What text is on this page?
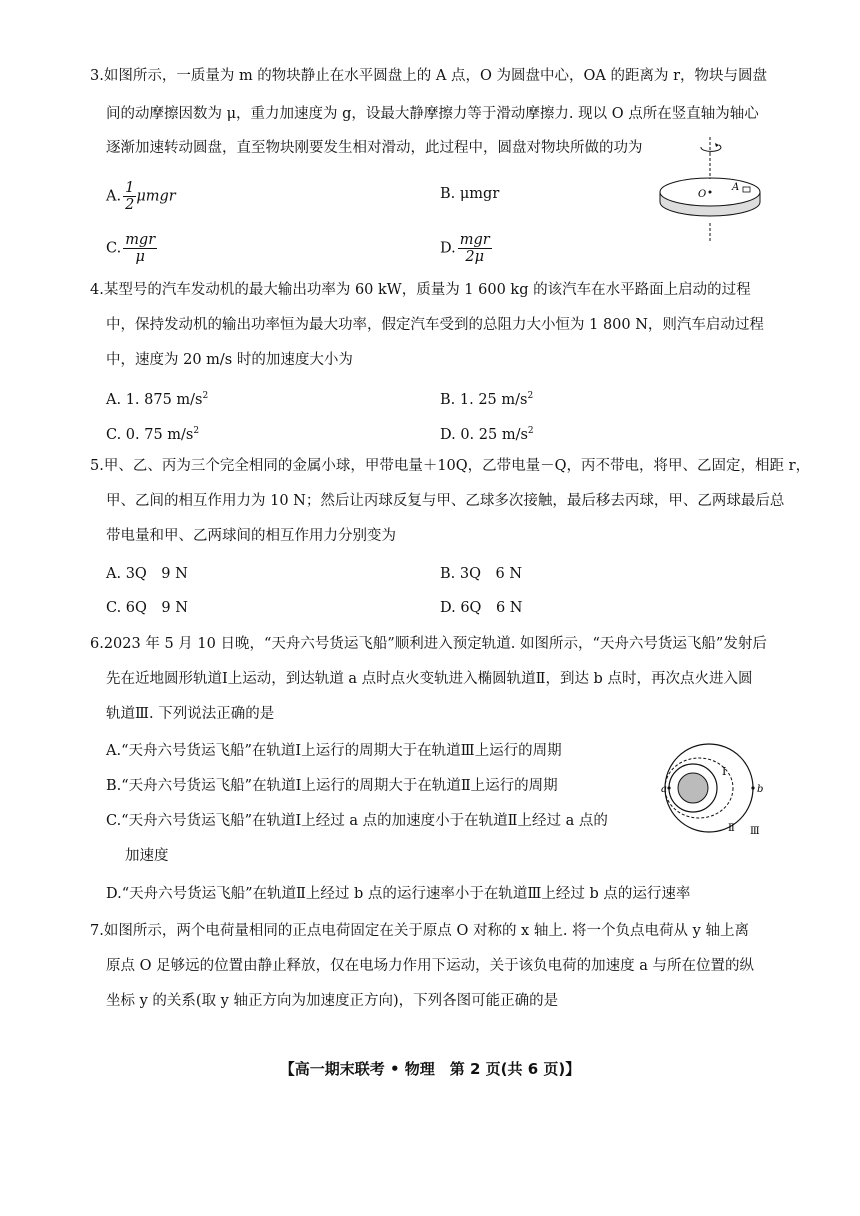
3.如图所示，一质量为 m 的物块静止在水平圆盘上的 A 点，O 为圆盘中心，OA 的距离为 r，物块与圆盘
间的动摩擦因数为 μ，重力加速度为 g，设最大静摩擦力等于滑动摩擦力. 现以 O 点所在竖直轴为轴心
逐渐加速转动圆盘，直至物块刚要发生相对滑动，此过程中，圆盘对物块所做的功为
A. $\frac{1}{2}$ μmgr	B. μmgr
C. $\frac{\text{mgr}}{\mu}$	D. $\frac{\text{mgr}}{2\mu}$
O
A
4.某型号的汽车发动机的最大输出功率为 60 kW，质量为 1 600 kg 的该汽车在水平路面上启动的过程
中，保持发动机的输出功率恒为最大功率，假定汽车受到的总阻力大小恒为 1 800 N，则汽车启动过程
中，速度为 20 m/s 时的加速度大小为
A. 1. 875 $m/s^2$	B. 1. 25 $m/s^2$
C. 0. 75 $m/s^2$	D. 0. 25 $m/s^2$
5.甲、乙、丙为三个完全相同的金属小球，甲带电量＋10Q，乙带电量－Q，丙不带电，将甲、乙固定，相距 r，
甲、乙间的相互作用力为 10 N；然后让丙球反复与甲、乙球多次接触，最后移去丙球，甲、乙两球最后总
带电量和甲、乙两球间的相互作用力分别变为
A. 3Q　9 N	B. 3Q　6 N
C. 6Q　9 N	D. 6Q　6 N
6.2023 年 5 月 10 日晚，“天舟六号货运飞船”顺利进入预定轨道. 如图所示，“天舟六号货运飞船”发射后
先在近地圆形轨道Ⅰ上运动，到达轨道 a 点时点火变轨进入椭圆轨道Ⅱ，到达 b 点时，再次点火进入圆
轨道Ⅲ. 下列说法正确的是
A.“天舟六号货运飞船”在轨道Ⅰ上运行的周期大于在轨道Ⅲ上运行的周期
B.“天舟六号货运飞船”在轨道Ⅰ上运行的周期大于在轨道Ⅱ上运行的周期
C.“天舟六号货运飞船”在轨道Ⅰ上经过 a 点的加速度小于在轨道Ⅱ上经过 a 点的
加速度
D.“天舟六号货运飞船”在轨道Ⅱ上经过 b 点的运行速率小于在轨道Ⅲ上经过 b 点的运行速率
a	b
Ⅰ
Ⅱ Ⅲ
7.如图所示，两个电荷量相同的正点电荷固定在关于原点 O 对称的 x 轴上. 将一个负点电荷从 y 轴上离
原点 O 足够远的位置由静止释放，仅在电场力作用下运动，关于该负电荷的加速度 a 与所在位置的纵
坐标 y 的关系(取 y 轴正方向为加速度正方向)，下列各图可能正确的是
【高一期末联考 • 物理　第 2 页(共 6 页)】
